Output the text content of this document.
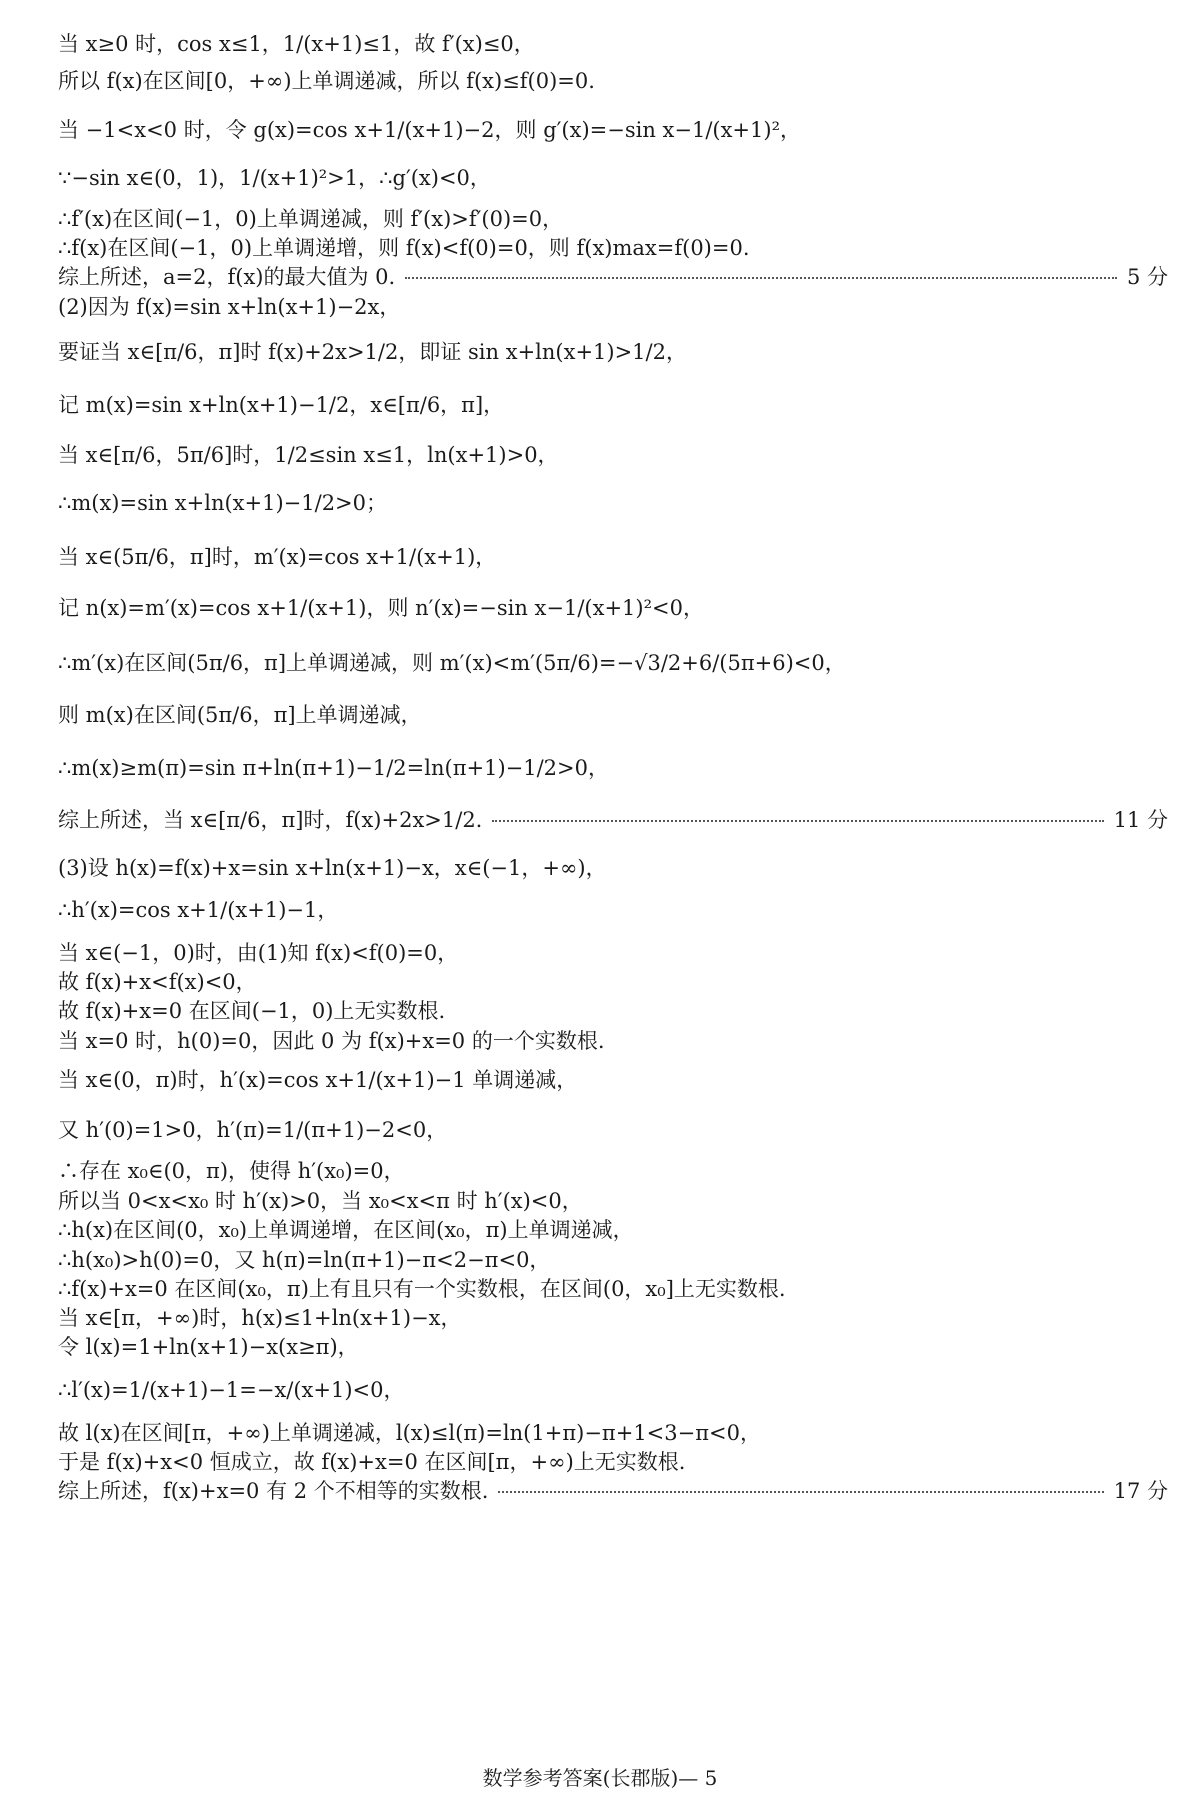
当 x≥0 时，cos x≤1，1/(x+1)≤1，故 f′(x)≤0，
所以 f(x)在区间[0，+∞)上单调递减，所以 f(x)≤f(0)=0.
当 −1<x<0 时，令 g(x)=cos x+1/(x+1)−2，则 g′(x)=−sin x−1/(x+1)²，
∵−sin x∈(0，1)，1/(x+1)²>1，∴g′(x)<0，
∴f′(x)在区间(−1，0)上单调递减，则 f′(x)>f′(0)=0，
∴f(x)在区间(−1，0)上单调递增，则 f(x)<f(0)=0，则 f(x)max=f(0)=0.
综上所述，a=2，f(x)的最大值为 0.	5 分
(2)因为 f(x)=sin x+ln(x+1)−2x，
要证当 x∈[π/6，π]时 f(x)+2x>1/2，即证 sin x+ln(x+1)>1/2，
记 m(x)=sin x+ln(x+1)−1/2，x∈[π/6，π]，
当 x∈[π/6，5π/6]时，1/2≤sin x≤1，ln(x+1)>0，
∴m(x)=sin x+ln(x+1)−1/2>0；
当 x∈(5π/6，π]时，m′(x)=cos x+1/(x+1)，
记 n(x)=m′(x)=cos x+1/(x+1)，则 n′(x)=−sin x−1/(x+1)²<0，
∴m′(x)在区间(5π/6，π]上单调递减，则 m′(x)<m′(5π/6)=−√3/2+6/(5π+6)<0，
则 m(x)在区间(5π/6，π]上单调递减，
∴m(x)≥m(π)=sin π+ln(π+1)−1/2=ln(π+1)−1/2>0，
综上所述，当 x∈[π/6，π]时，f(x)+2x>1/2.	11 分
(3)设 h(x)=f(x)+x=sin x+ln(x+1)−x，x∈(−1，+∞)，
∴h′(x)=cos x+1/(x+1)−1，
当 x∈(−1，0)时，由(1)知 f(x)<f(0)=0，
故 f(x)+x<f(x)<0，
故 f(x)+x=0 在区间(−1，0)上无实数根.
当 x=0 时，h(0)=0，因此 0 为 f(x)+x=0 的一个实数根.
当 x∈(0，π)时，h′(x)=cos x+1/(x+1)−1 单调递减，
又 h′(0)=1>0，h′(π)=1/(π+1)−2<0，
∴存在 x₀∈(0，π)，使得 h′(x₀)=0，
所以当 0<x<x₀ 时 h′(x)>0，当 x₀<x<π 时 h′(x)<0，
∴h(x)在区间(0，x₀)上单调递增，在区间(x₀，π)上单调递减，
∴h(x₀)>h(0)=0，又 h(π)=ln(π+1)−π<2−π<0，
∴f(x)+x=0 在区间(x₀，π)上有且只有一个实数根，在区间(0，x₀]上无实数根.
当 x∈[π，+∞)时，h(x)≤1+ln(x+1)−x，
令 l(x)=1+ln(x+1)−x(x≥π)，
∴l′(x)=1/(x+1)−1=−x/(x+1)<0，
故 l(x)在区间[π，+∞)上单调递减，l(x)≤l(π)=ln(1+π)−π+1<3−π<0，
于是 f(x)+x<0 恒成立，故 f(x)+x=0 在区间[π，+∞)上无实数根.
综上所述，f(x)+x=0 有 2 个不相等的实数根.	17 分
数学参考答案(长郡版)— 5
